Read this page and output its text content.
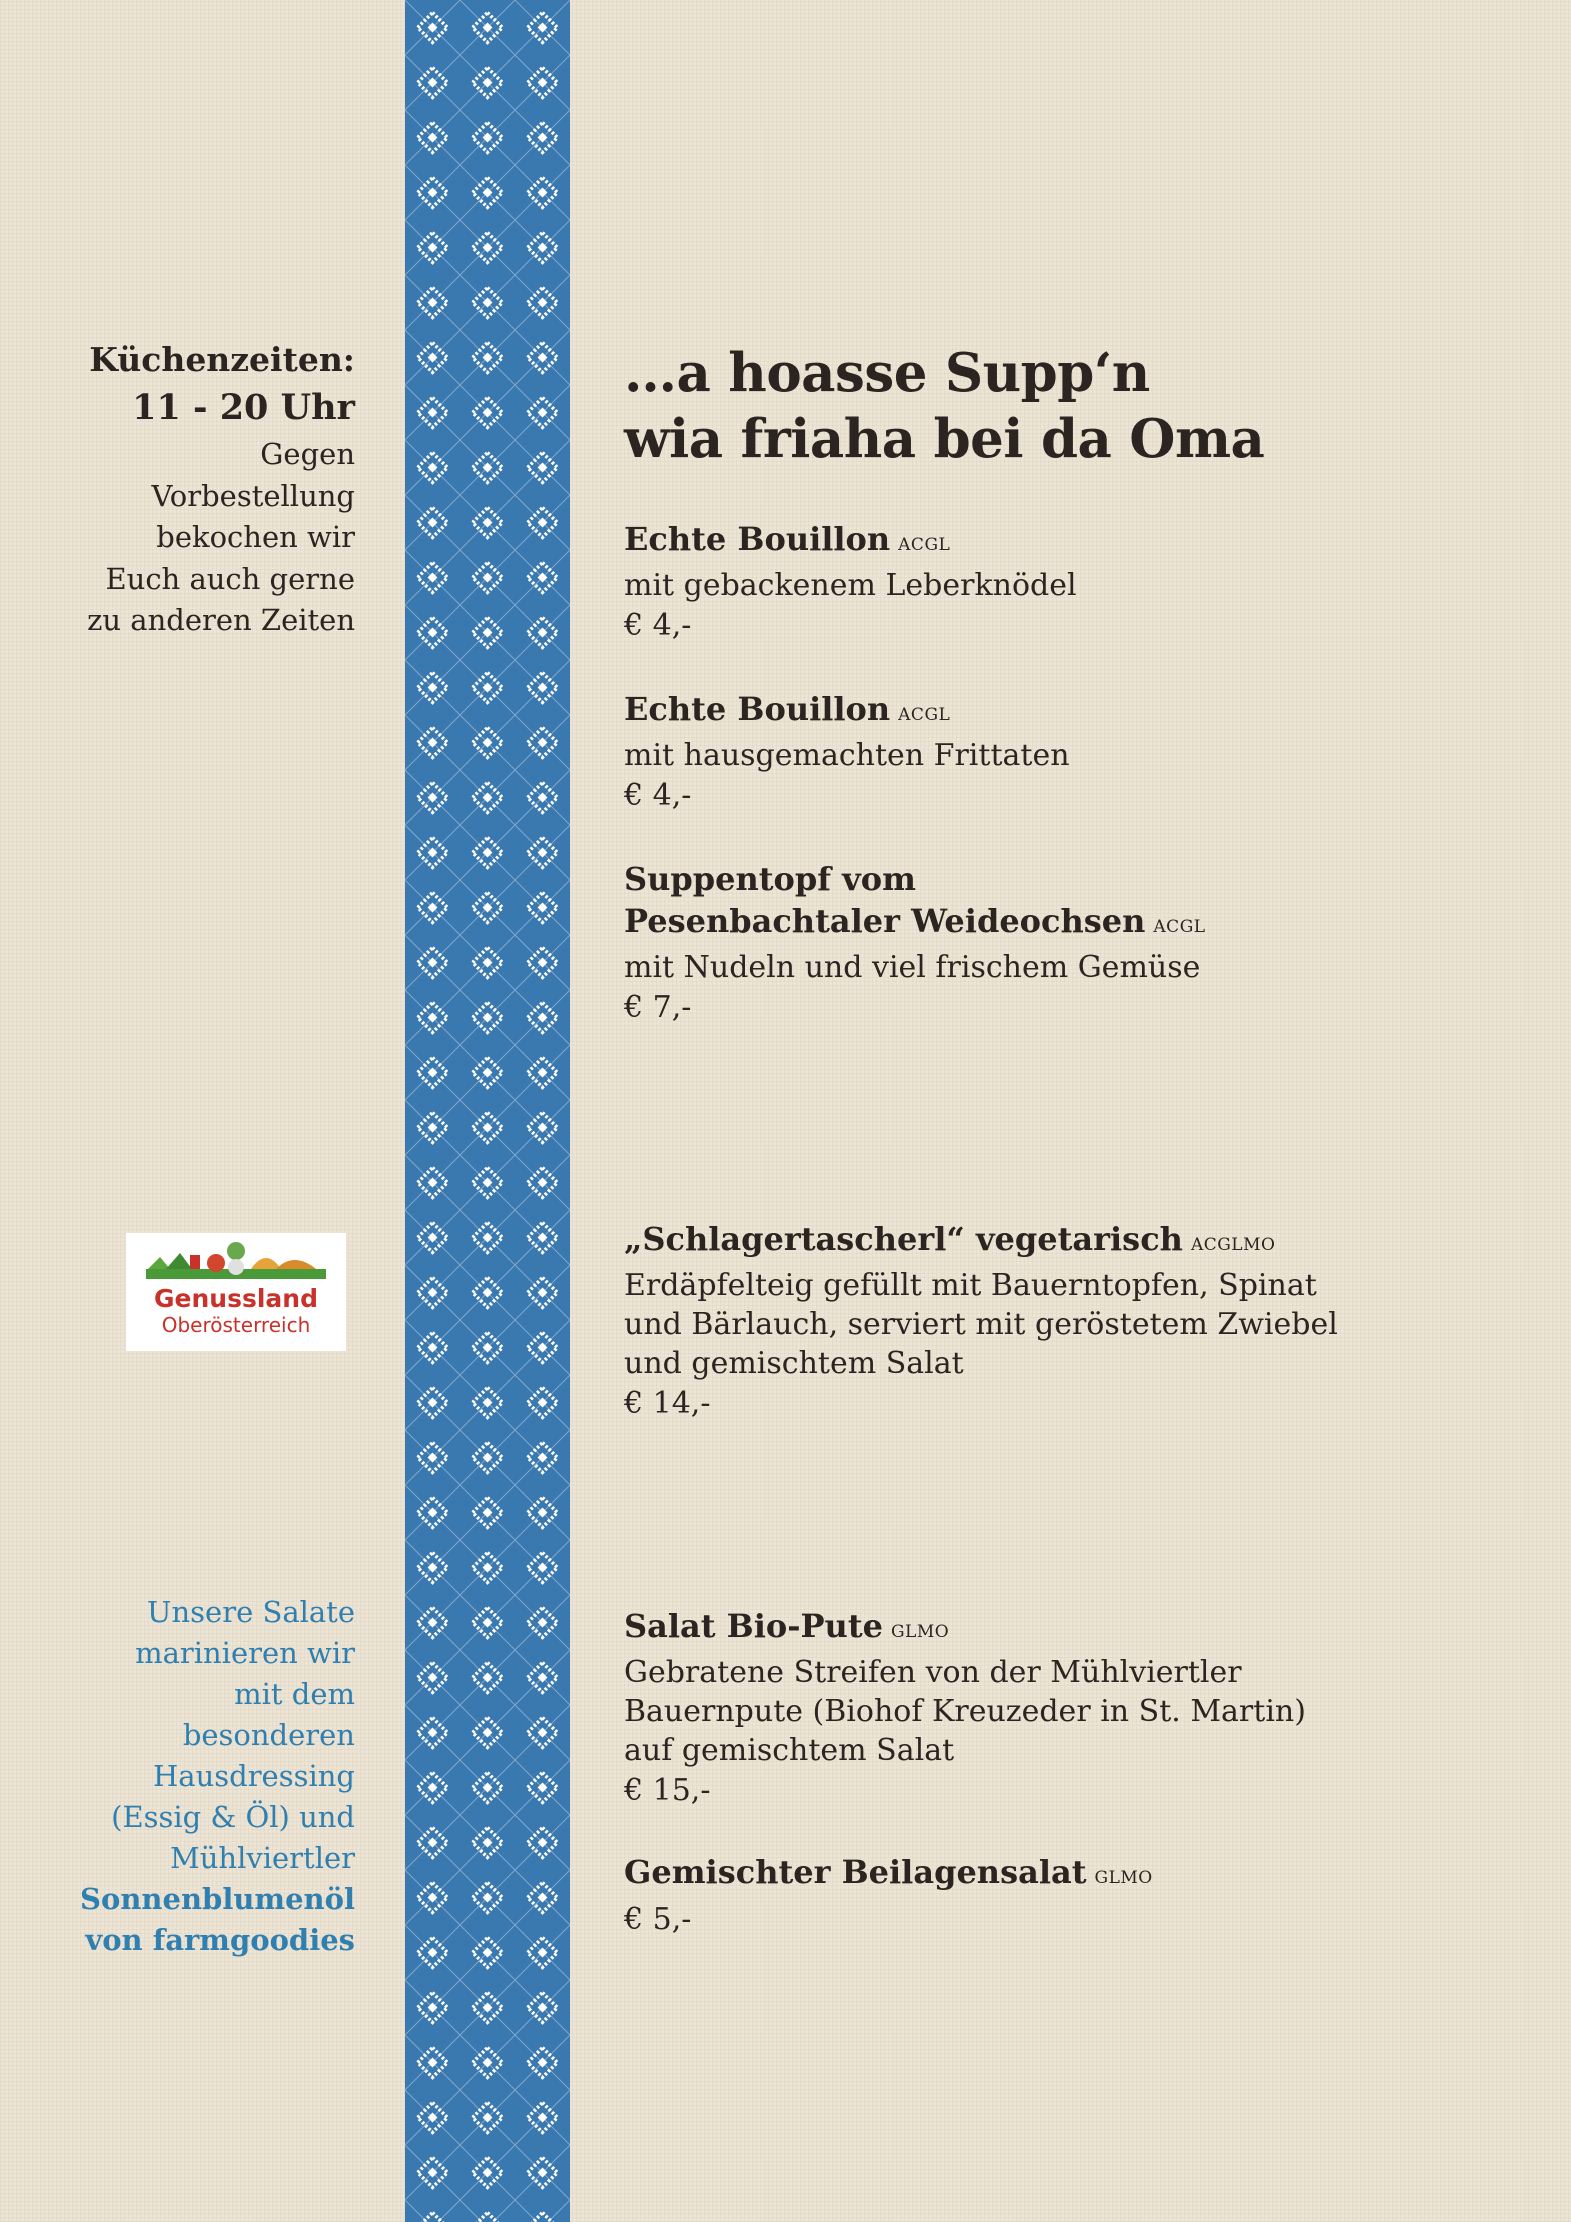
Küchenzeiten:
11 - 20 Uhr
Gegen
Vorbestellung
bekochen wir
Euch auch gerne
zu anderen Zeiten
Genussland
Oberösterreich
Unsere Salate
marinieren wir
mit dem
besonderen
Hausdressing
(Essig & Öl) und
Mühlviertler
Sonnenblumenöl
von farmgoodies
…a hoasse Supp‘n
wia friaha bei da Oma
Echte Bouillon ACGL
mit gebackenem Leberknödel
€ 4,-
Echte Bouillon ACGL
mit hausgemachten Frittaten
€ 4,-
Suppentopf vom
Pesenbachtaler Weideochsen ACGL
mit Nudeln und viel frischem Gemüse
€ 7,-
„Schlagertascherl“ vegetarisch ACGLMO
Erdäpfelteig gefüllt mit Bauerntopfen, Spinat
und Bärlauch, serviert mit geröstetem Zwiebel
und gemischtem Salat
€ 14,-
Salat Bio-Pute GLMO
Gebratene Streifen von der Mühlviertler
Bauernpute (Biohof Kreuzeder in St. Martin)
auf gemischtem Salat
€ 15,-
Gemischter Beilagensalat GLMO
€ 5,-
